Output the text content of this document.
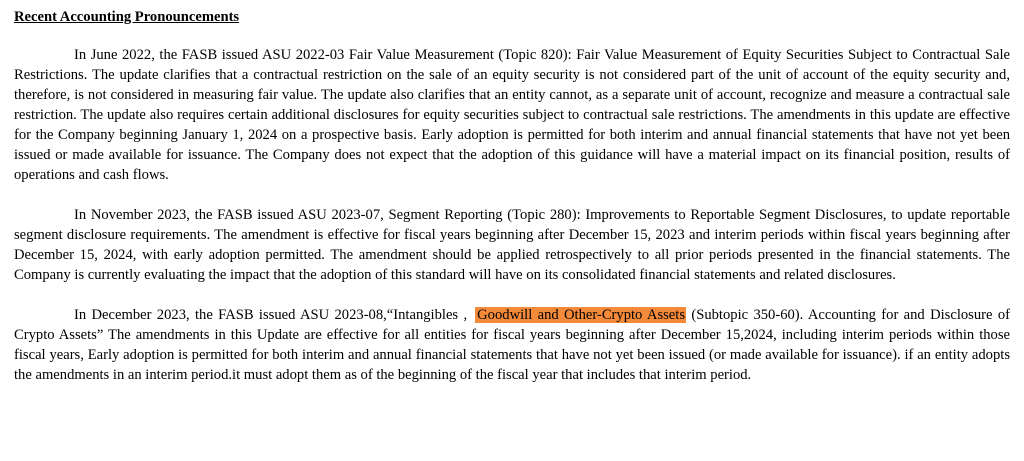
Recent Accounting Pronouncements

In June 2022, the FASB issued ASU 2022-03 Fair Value Measurement (Topic 820): Fair Value Measurement of Equity Securities Subject to Contractual Sale Restrictions. The update clarifies that a contractual restriction on the sale of an equity security is not considered part of the unit of account of the equity security and, therefore, is not considered in measuring fair value. The update also clarifies that an entity cannot, as a separate unit of account, recognize and measure a contractual sale restriction. The update also requires certain additional disclosures for equity securities subject to contractual sale restrictions. The amendments in this update are effective for the Company beginning January 1, 2024 on a prospective basis. Early adoption is permitted for both interim and annual financial statements that have not yet been issued or made available for issuance. The Company does not expect that the adoption of this guidance will have a material impact on its financial position, results of operations and cash flows.

In November 2023, the FASB issued ASU 2023-07, Segment Reporting (Topic 280): Improvements to Reportable Segment Disclosures, to update reportable segment disclosure requirements. The amendment is effective for fiscal years beginning after December 15, 2023 and interim periods within fiscal years beginning after December 15, 2024, with early adoption permitted. The amendment should be applied retrospectively to all prior periods presented in the financial statements. The Company is currently evaluating the impact that the adoption of this standard will have on its consolidated financial statements and related disclosures.

In December 2023, the FASB issued ASU 2023-08,“Intangibles , Goodwill and Other-Crypto Assets (Subtopic 350-60). Accounting for and Disclosure of Crypto Assets” The amendments in this Update are effective for all entities for fiscal years beginning after December 15,2024, including interim periods within those fiscal years, Early adoption is permitted for both interim and annual financial statements that have not yet been issued (or made available for issuance). if an entity adopts the amendments in an interim period.it must adopt them as of the beginning of the fiscal year that includes that interim period.
